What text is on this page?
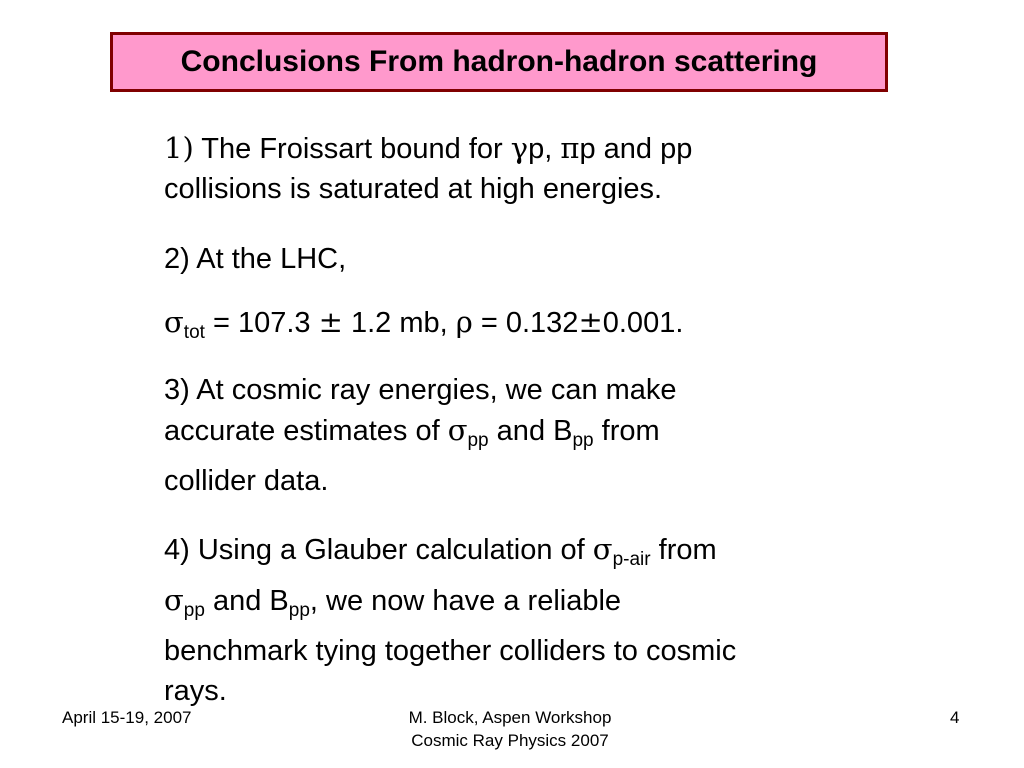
Conclusions From hadron-hadron scattering
1) The Froissart bound for γp, πp and pp
collisions is saturated at high energies.
2) At the LHC,
$\sigma_{tot} = 107.3 \pm 1.2$ mb, ρ = 0.132±0.001.
3) At cosmic ray energies, we can make
accurate estimates of $\sigma_{pp}$ and $B_{pp}$ from
collider data.
4) Using a Glauber calculation of $\sigma_{p-air}$ from
$\sigma_{pp}$ and $B_{pp}$, we now have a reliable
benchmark tying together colliders to cosmic
rays.
April 15-19, 2007	M. Block, Aspen Workshop
Cosmic Ray Physics 2007
4
